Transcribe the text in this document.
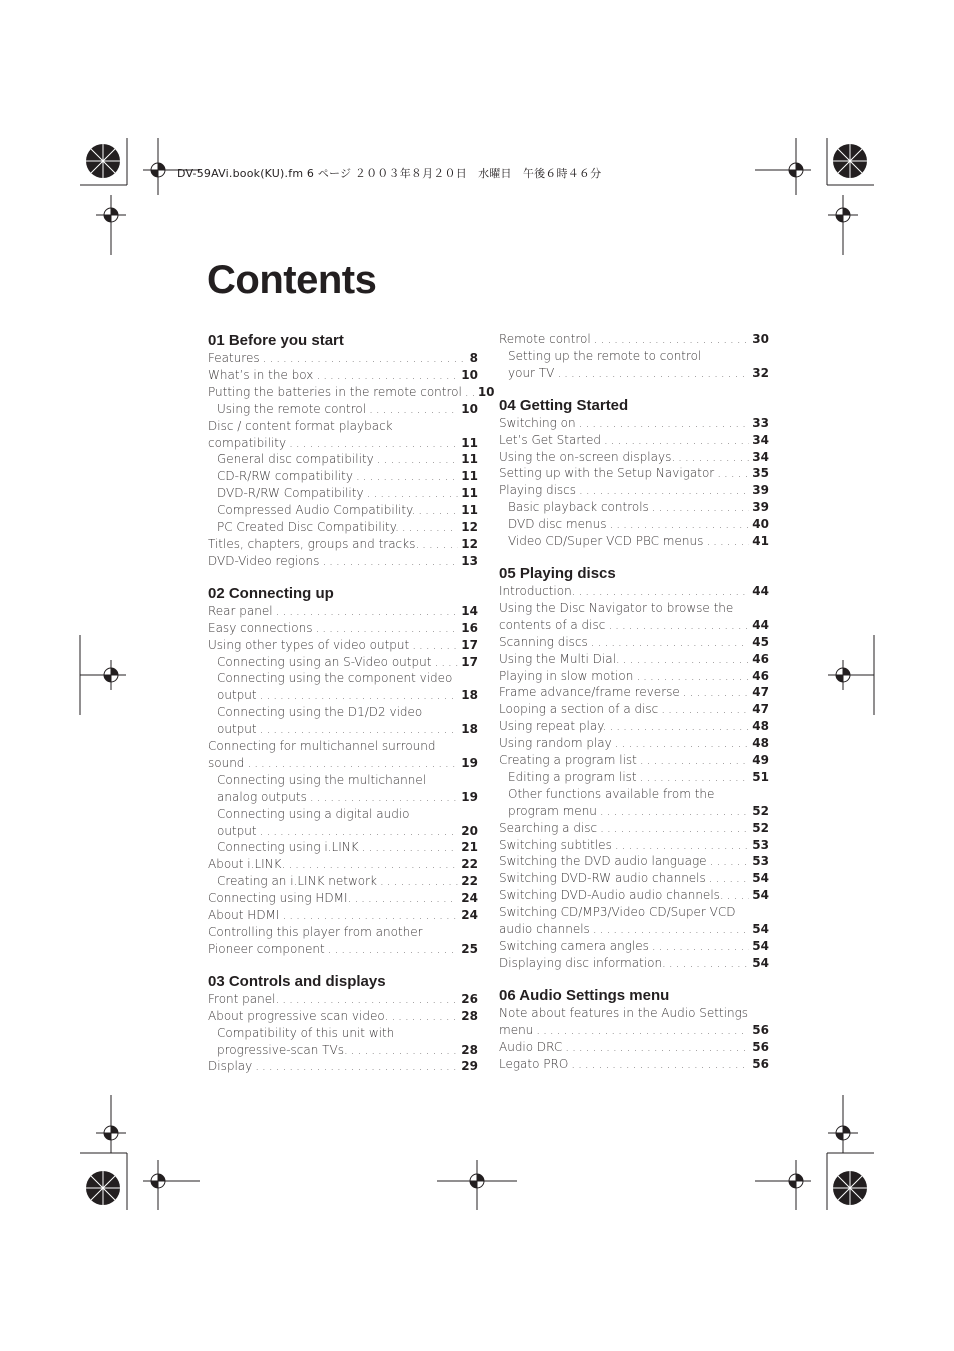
DV-59AVi.book(KU).fm 6 ページ ２００３年８月２０日　水曜日　午後６時４６分
Contents
01 Before you start
Features .....	8
What’s in the box .....	10
Putting the batteries in the remote control ..... 10
Using the remote control .....	10
Disc / content format playback
compatibility .....	11
General disc compatibility .....	11
CD-R/RW compatibility .....	11
DVD-R/RW Compatibility .....	11
Compressed Audio Compatibility. .....	11
PC Created Disc Compatibility. .....	12
Titles, chapters, groups and tracks. .....	12
DVD-Video regions .....	13
02 Connecting up
Rear panel .....	14
Easy connections .....	16
Using other types of video output .....	17
Connecting using an S-Video output ..... 17
Connecting using the component video
output .....	18
Connecting using the D1/D2 video
output .....	18
Connecting for multichannel surround
sound .....	19
Connecting using the multichannel
analog outputs .....	19
Connecting using a digital audio
output .....	20
Connecting using i.LINK .....	21
About i.LINK. .....	22
Creating an i.LINK network .....	22
Connecting using HDMI. .....	24
About HDMI .....	24
Controlling this player from another
Pioneer component .....	25
03 Controls and displays
Front panel. .....	26
About progressive scan video. .....	28
Compatibility of this unit with
progressive-scan TVs. .....	28
Display .....	29
Remote control .....	30
Setting up the remote to control
your TV .....	32
04 Getting Started
Switching on .....	33
Let’s Get Started .....	34
Using the on-screen displays. .....	34
Setting up with the Setup Navigator .....	35
Playing discs .....	39
Basic playback controls .....	39
DVD disc menus .....	40
Video CD/Super VCD PBC menus .....	41
05 Playing discs
Introduction. .....	44
Using the Disc Navigator to browse the
contents of a disc .....	44
Scanning discs .....	45
Using the Multi Dial. .....	46
Playing in slow motion .....	46
Frame advance/frame reverse .....	47
Looping a section of a disc .....	47
Using repeat play. .....	48
Using random play .....	48
Creating a program list .....	49
Editing a program list .....	51
Other functions available from the
program menu .....	52
Searching a disc .....	52
Switching subtitles .....	53
Switching the DVD audio language .....	53
Switching DVD-RW audio channels .....	54
Switching DVD-Audio audio channels. ..... 54
Switching CD/MP3/Video CD/Super VCD
audio channels .....	54
Switching camera angles .....	54
Displaying disc information. .....	54
06 Audio Settings menu
Note about features in the Audio Settings
menu .....	56
Audio DRC .....	56
Legato PRO .....	56
